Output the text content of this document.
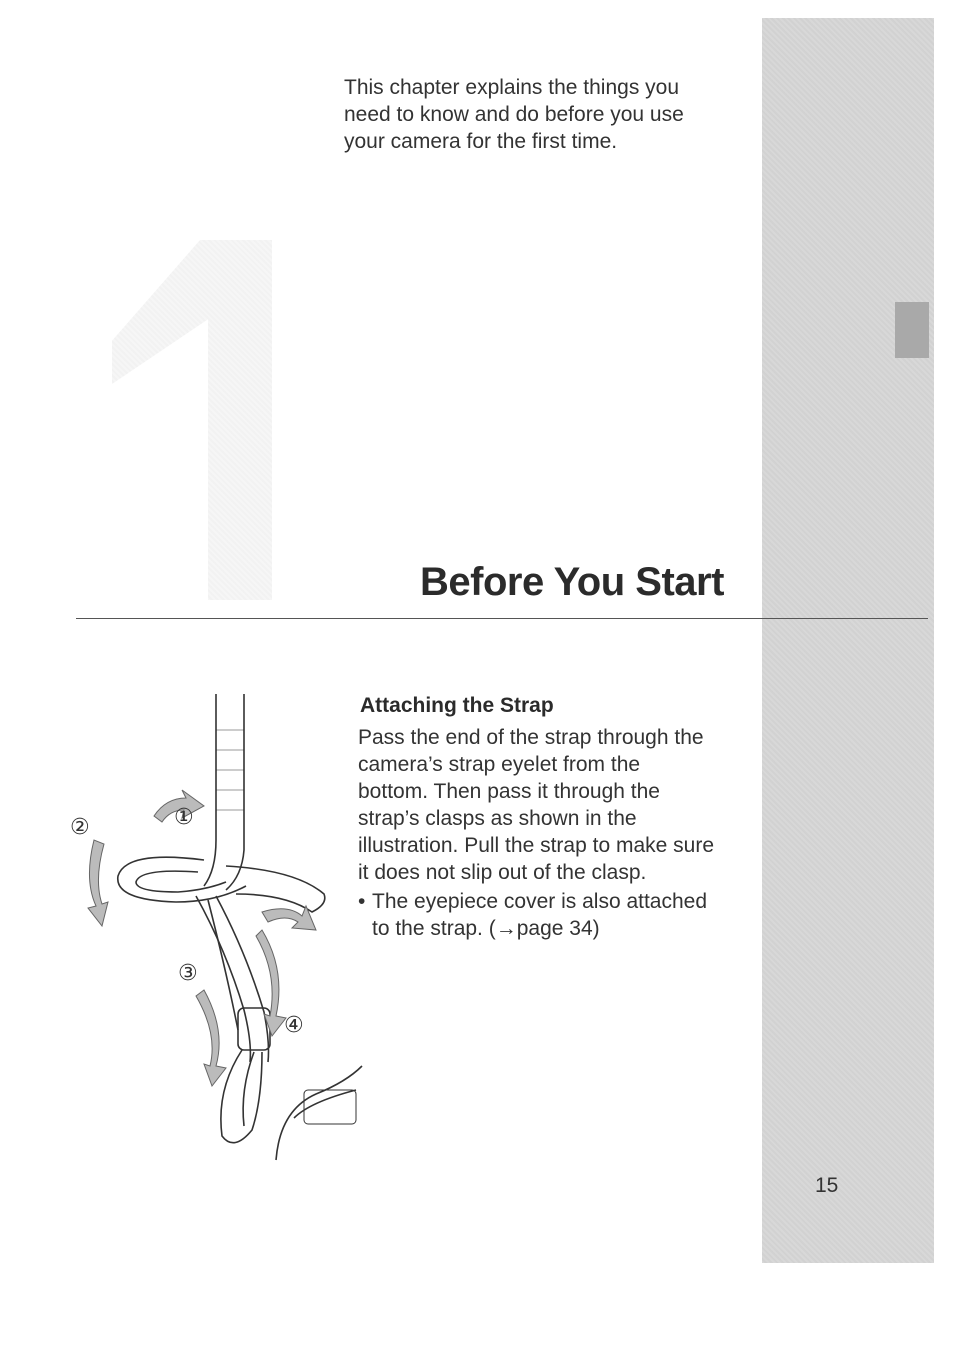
This chapter explains the things you
need to know and do before you use
your camera for the first time.

Before You Start
①
②
③
④
Attaching the Strap

Pass the end of the strap through the
camera’s strap eyelet from the
bottom. Then pass it through the
strap’s clasps as shown in the
illustration. Pull the strap to make sure
it does not slip out of the clasp.

• The eyepiece cover is also attached
to the strap. (→page 34)

15
